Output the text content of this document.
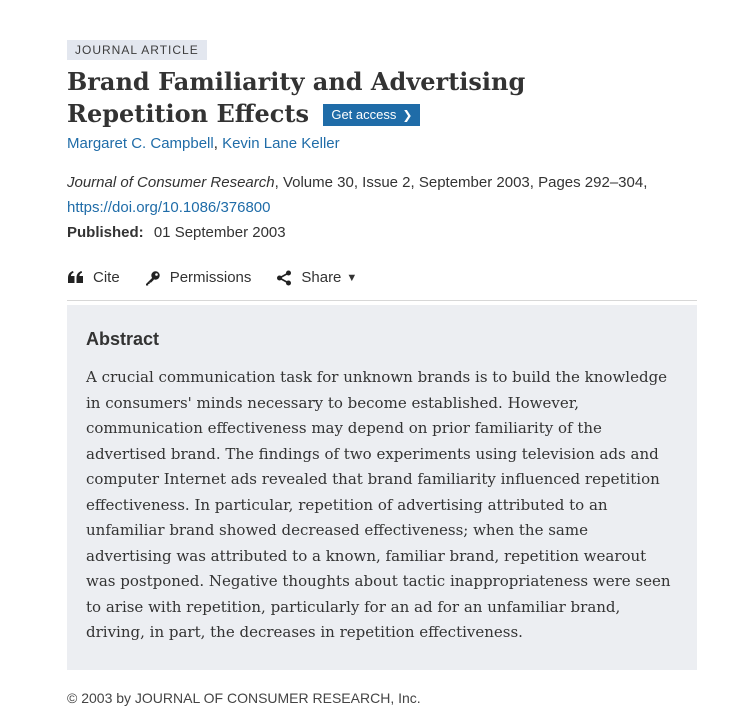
JOURNAL ARTICLE
Brand Familiarity and Advertising Repetition Effects Get access ❯
Margaret C. Campbell, Kevin Lane Keller
Journal of Consumer Research, Volume 30, Issue 2, September 2003, Pages 292–304,
https://doi.org/10.1086/376800
Published: 01 September 2003
Cite	Permissions	Share ▼
Abstract

A crucial communication task for unknown brands is to build the knowledge in consumers' minds necessary to become established. However, communication effectiveness may depend on prior familiarity of the advertised brand. The findings of two experiments using television ads and computer Internet ads revealed that brand familiarity influenced repetition effectiveness. In particular, repetition of advertising attributed to an unfamiliar brand showed decreased effectiveness; when the same advertising was attributed to a known, familiar brand, repetition wearout was postponed. Negative thoughts about tactic inappropriateness were seen to arise with repetition, particularly for an ad for an unfamiliar brand, driving, in part, the decreases in repetition effectiveness.

© 2003 by JOURNAL OF CONSUMER RESEARCH, Inc.
